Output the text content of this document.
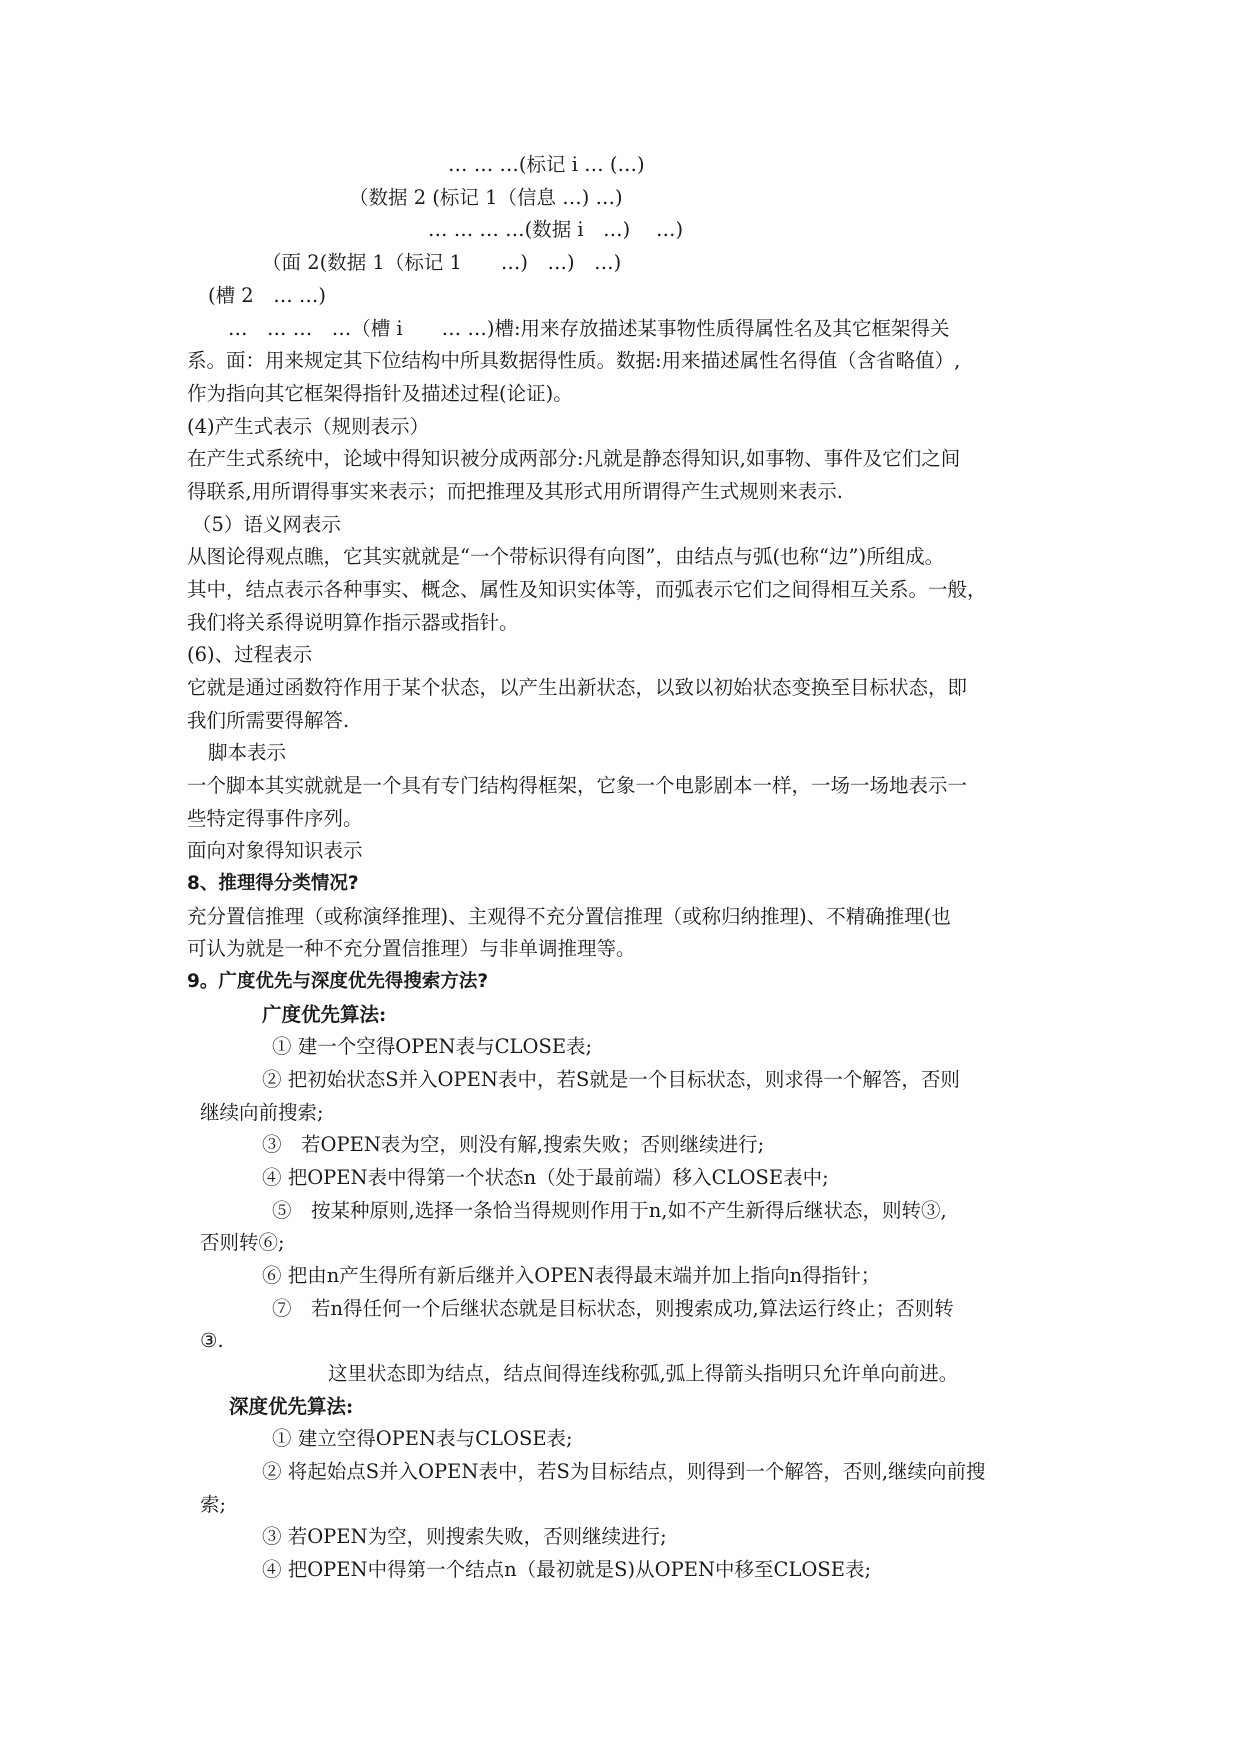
… … …(标记 i … (…)
（数据 2 (标记 1（信息 …) …)
… … … …(数据 i　…)　 …)
（面 2(数据 1（标记 1　　…)　…)　…)
(槽 2　… …)
…　… …　…（槽 i　　… …)槽:用来存放描述某事物性质得属性名及其它框架得关
系。面：用来规定其下位结构中所具数据得性质。数据:用来描述属性名得值（含省略值）,
作为指向其它框架得指针及描述过程(论证)。
(4)产生式表示（规则表示）
在产生式系统中，论域中得知识被分成两部分:凡就是静态得知识,如事物、事件及它们之间
得联系,用所谓得事实来表示；而把推理及其形式用所谓得产生式规则来表示.
（5）语义网表示
从图论得观点瞧，它其实就就是“一个带标识得有向图”，由结点与弧(也称“边”)所组成。
其中，结点表示各种事实、概念、属性及知识实体等，而弧表示它们之间得相互关系。一般，
我们将关系得说明算作指示器或指针。
(6)、过程表示
它就是通过函数符作用于某个状态，以产生出新状态，以致以初始状态变换至目标状态，即
我们所需要得解答.
脚本表示
一个脚本其实就就是一个具有专门结构得框架，它象一个电影剧本一样，一场一场地表示一
些特定得事件序列。
面向对象得知识表示
8、推理得分类情况?
充分置信推理（或称演绎推理)、主观得不充分置信推理（或称归纳推理)、不精确推理(也
可认为就是一种不充分置信推理）与非单调推理等。
9。广度优先与深度优先得搜索方法?
广度优先算法:
① 建一个空得OPEN表与CLOSE表;
② 把初始状态S并入OPEN表中，若S就是一个目标状态，则求得一个解答，否则
继续向前搜索;
③　若OPEN表为空，则没有解,搜索失败；否则继续进行;
④ 把OPEN表中得第一个状态n（处于最前端）移入CLOSE表中;
⑤　按某种原则,选择一条恰当得规则作用于n,如不产生新得后继状态，则转③,
否则转⑥;
⑥ 把由n产生得所有新后继并入OPEN表得最末端并加上指向n得指针；
⑦　若n得任何一个后继状态就是目标状态，则搜索成功,算法运行终止；否则转
③.
这里状态即为结点，结点间得连线称弧,弧上得箭头指明只允许单向前进。
深度优先算法:
① 建立空得OPEN表与CLOSE表;
② 将起始点S并入OPEN表中，若S为目标结点，则得到一个解答，否则,继续向前搜
索;
③ 若OPEN为空，则搜索失败，否则继续进行;
④ 把OPEN中得第一个结点n（最初就是S)从OPEN中移至CLOSE表;
